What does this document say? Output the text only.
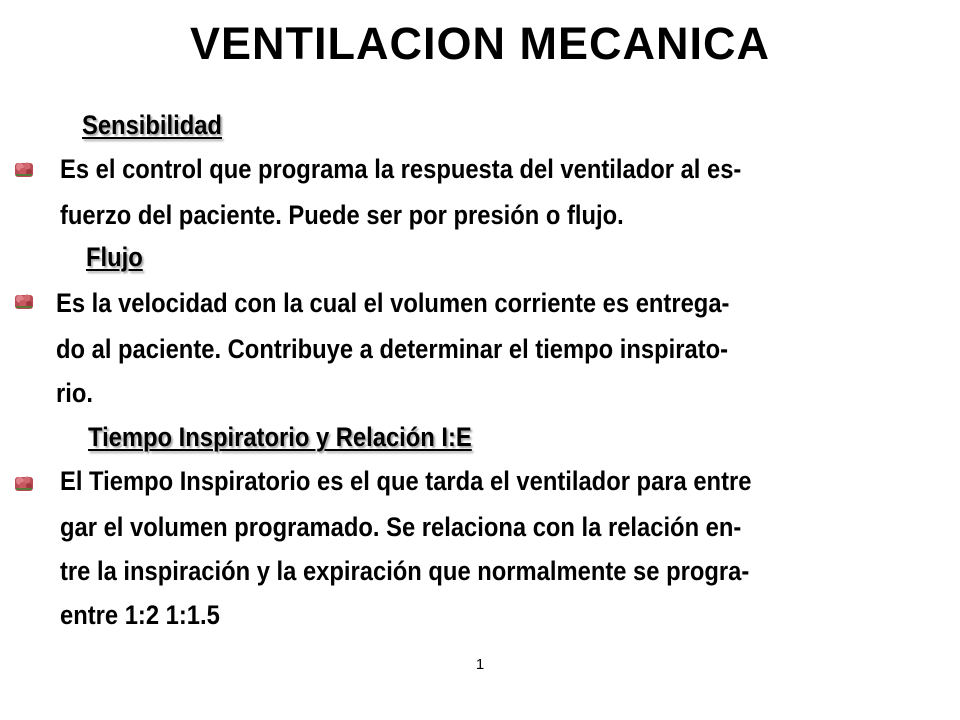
VENTILACION MECANICA
Sensibilidad
Es el control que programa la respuesta del ventilador al es-
fuerzo del paciente. Puede ser por presión o flujo.
Flujo
Es la velocidad con la cual el volumen corriente es entrega-
do al paciente. Contribuye a determinar el tiempo inspirato-
rio.
Tiempo Inspiratorio y Relación I:E
El Tiempo Inspiratorio es el que tarda el ventilador para entre
gar el volumen programado. Se relaciona con la relación en-
tre la inspiración y la expiración que normalmente se progra-
entre 1:2 1:1.5
1
